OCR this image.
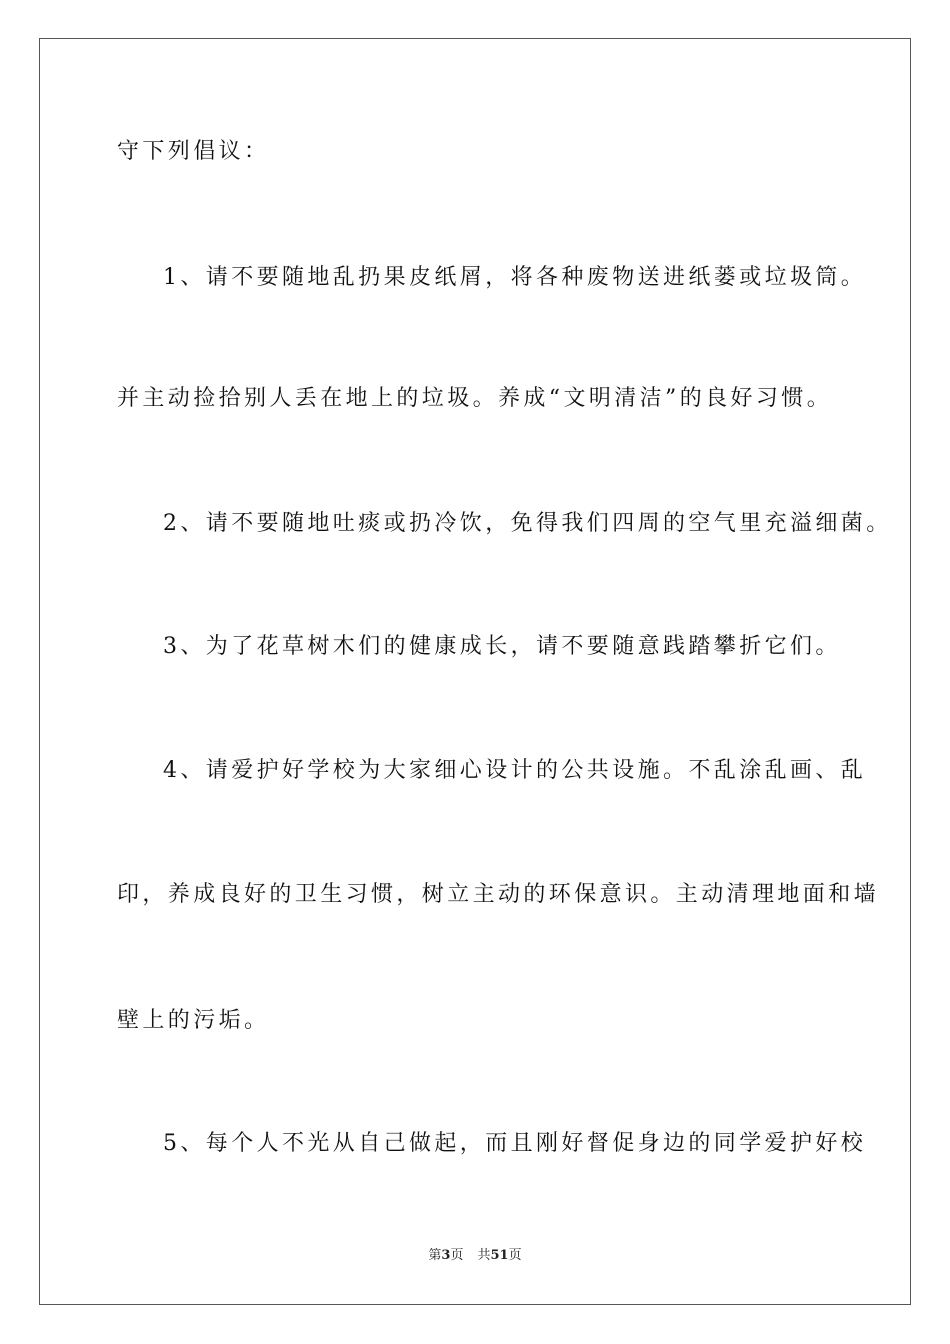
守下列倡议：
1、请不要随地乱扔果皮纸屑，将各种废物送进纸蒌或垃圾筒。
并主动捡拾别人丢在地上的垃圾。养成“文明清洁”的良好习惯。
2、请不要随地吐痰或扔冷饮，免得我们四周的空气里充溢细菌。
3、为了花草树木们的健康成长，请不要随意践踏攀折它们。
4、请爱护好学校为大家细心设计的公共设施。不乱涂乱画、乱
印，养成良好的卫生习惯，树立主动的环保意识。主动清理地面和墙
壁上的污垢。
5、每个人不光从自己做起，而且刚好督促身边的同学爱护好校
第3页 共51页
